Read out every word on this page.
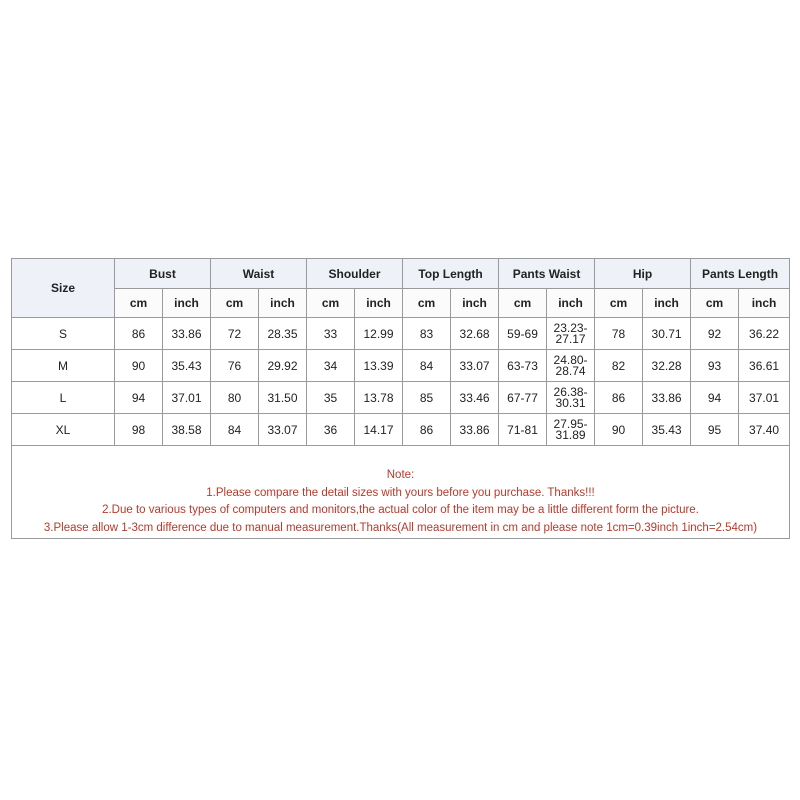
Size	Bust		Waist		Shoulder		Top Length		Pants Waist		Hip		Pants Length	
	cm	inch	cm	inch	cm	inch	cm	inch	cm	inch	cm	inch	cm	inch
S	86	33.86	72	28.35	33	12.99	83	32.68	59-69	23.23-27.17	78	30.71	92	36.22
M	90	35.43	76	29.92	34	13.39	84	33.07	63-73	24.80-28.74	82	32.28	93	36.61
L	94	37.01	80	31.50	35	13.78	85	33.46	67-77	26.38-30.31	86	33.86	94	37.01
XL	98	38.58	84	33.07	36	14.17	86	33.86	71-81	27.95-31.89	90	35.43	95	37.40
Note:
1.Please compare the detail sizes with yours before you purchase. Thanks!!!
2.Due to various types of computers and monitors,the actual color of the item may be a little different form the picture.
3.Please allow 1-3cm difference due to manual measurement.Thanks(All measurement in cm and please note 1cm=0.39inch 1inch=2.54cm)
